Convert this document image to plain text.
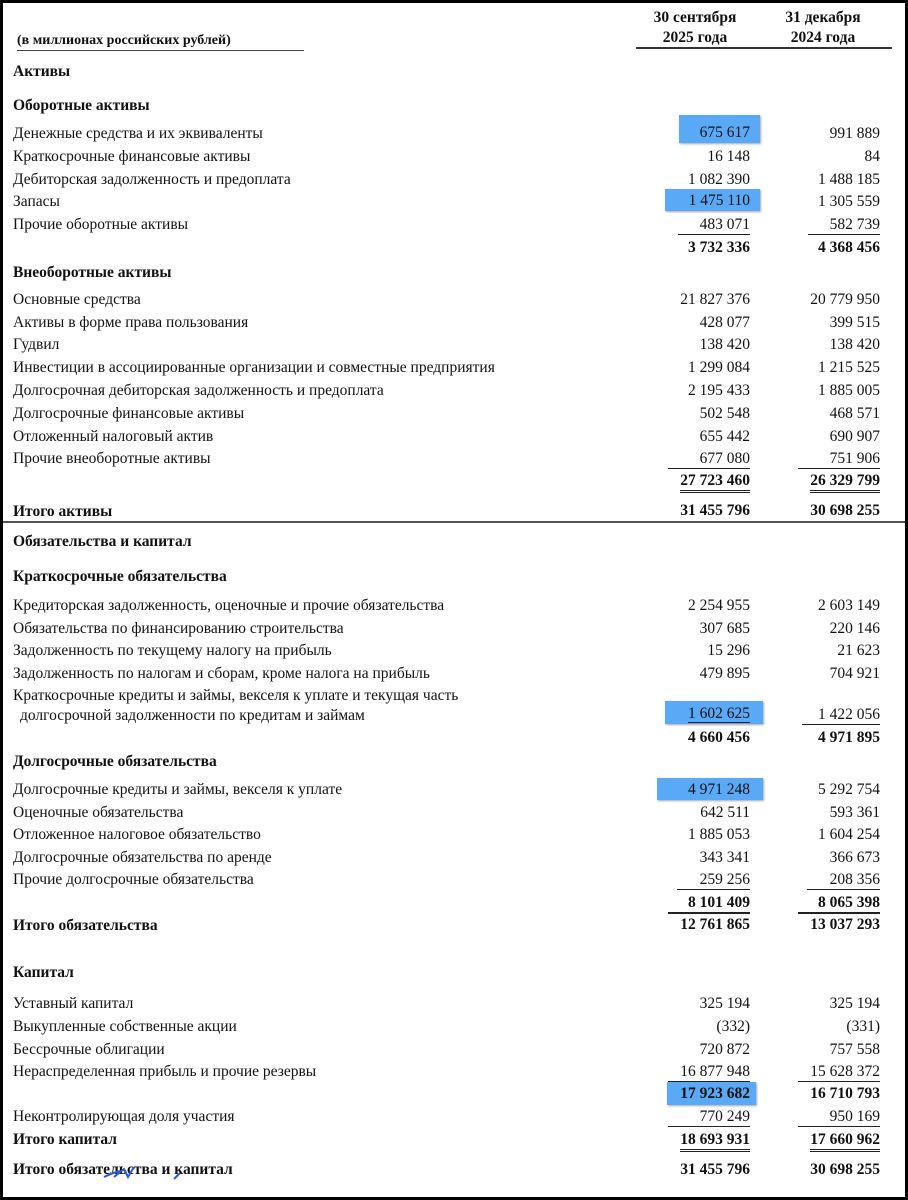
(в миллионах российских рублей)
30 сентября
2025 года
31 декабря
2024 года
Активы
Оборотные активы
Денежные средства и их эквиваленты	675 617	991 889
Краткосрочные финансовые активы	16 148	84
Дебиторская задолженность и предоплата	1 082 390	1 488 185
Запасы	1 475 110	1 305 559
Прочие оборотные активы	483 071	582 739
3 732 336	4 368 456
Внеоборотные активы
Основные средства	21 827 376	20 779 950
Активы в форме права пользования	428 077	399 515
Гудвил	138 420	138 420
Инвестиции в ассоциированные организации и совместные предприятия	1 299 084	1 215 525
Долгосрочная дебиторская задолженность и предоплата	2 195 433	1 885 005
Долгосрочные финансовые активы	502 548	468 571
Отложенный налоговый актив	655 442	690 907
Прочие внеоборотные активы	677 080	751 906
27 723 460	26 329 799
Итого активы	31 455 796	30 698 255
Обязательства и капитал
Краткосрочные обязательства
Кредиторская задолженность, оценочные и прочие обязательства	2 254 955	2 603 149
Обязательства по финансированию строительства	307 685	220 146
Задолженность по текущему налогу на прибыль	15 296	21 623
Задолженность по налогам и сборам, кроме налога на прибыль	479 895	704 921
Краткосрочные кредиты и займы, векселя к уплате и текущая часть
долгосрочной задолженности по кредитам и займам	1 602 625	1 422 056
4 660 456	4 971 895
Долгосрочные обязательства
Долгосрочные кредиты и займы, векселя к уплате	4 971 248	5 292 754
Оценочные обязательства	642 511	593 361
Отложенное налоговое обязательство	1 885 053	1 604 254
Долгосрочные обязательства по аренде	343 341	366 673
Прочие долгосрочные обязательства	259 256	208 356
8 101 409	8 065 398
Итого обязательства	12 761 865	13 037 293
Капитал
Уставный капитал	325 194	325 194
Выкупленные собственные акции	(332)	(331)
Бессрочные облигации	720 872	757 558
Нераспределенная прибыль и прочие резервы	16 877 948	15 628 372
17 923 682	16 710 793
Неконтролирующая доля участия	770 249	950 169
Итого капитал	18 693 931	17 660 962
Итого обязательства и капитал	31 455 796	30 698 255
